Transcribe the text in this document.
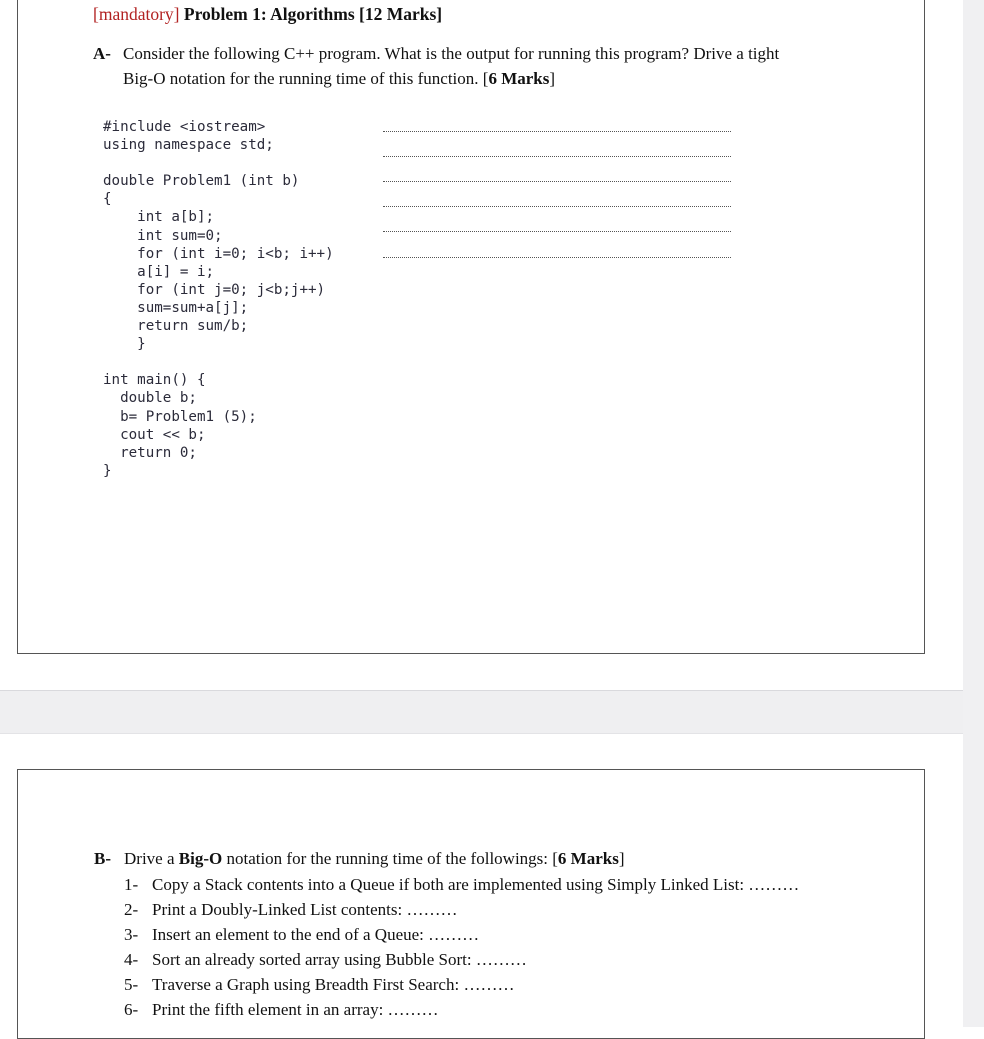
[mandatory] Problem 1: Algorithms [12 Marks]
A- Consider the following C++ program. What is the output for running this program? Drive a tight
Big-O notation for the running time of this function. [6 Marks]
#include <iostream>
using namespace std;

double Problem1 (int b)
{
int a[b];
int sum=0;
for (int i=0; i<b; i++)
a[i] = i;
for (int j=0; j<b;j++)
sum=sum+a[j];
return sum/b;
}

int main() {
double b;
b= Problem1 (5);
cout << b;
return 0;
}

B- Drive a Big-O notation for the running time of the followings: [6 Marks]
1- Copy a Stack contents into a Queue if both are implemented using Simply Linked List: ………
2- Print a Doubly-Linked List contents: ………
3- Insert an element to the end of a Queue: ………
4- Sort an already sorted array using Bubble Sort: ………
5- Traverse a Graph using Breadth First Search: ………
6- Print the fifth element in an array: ………
